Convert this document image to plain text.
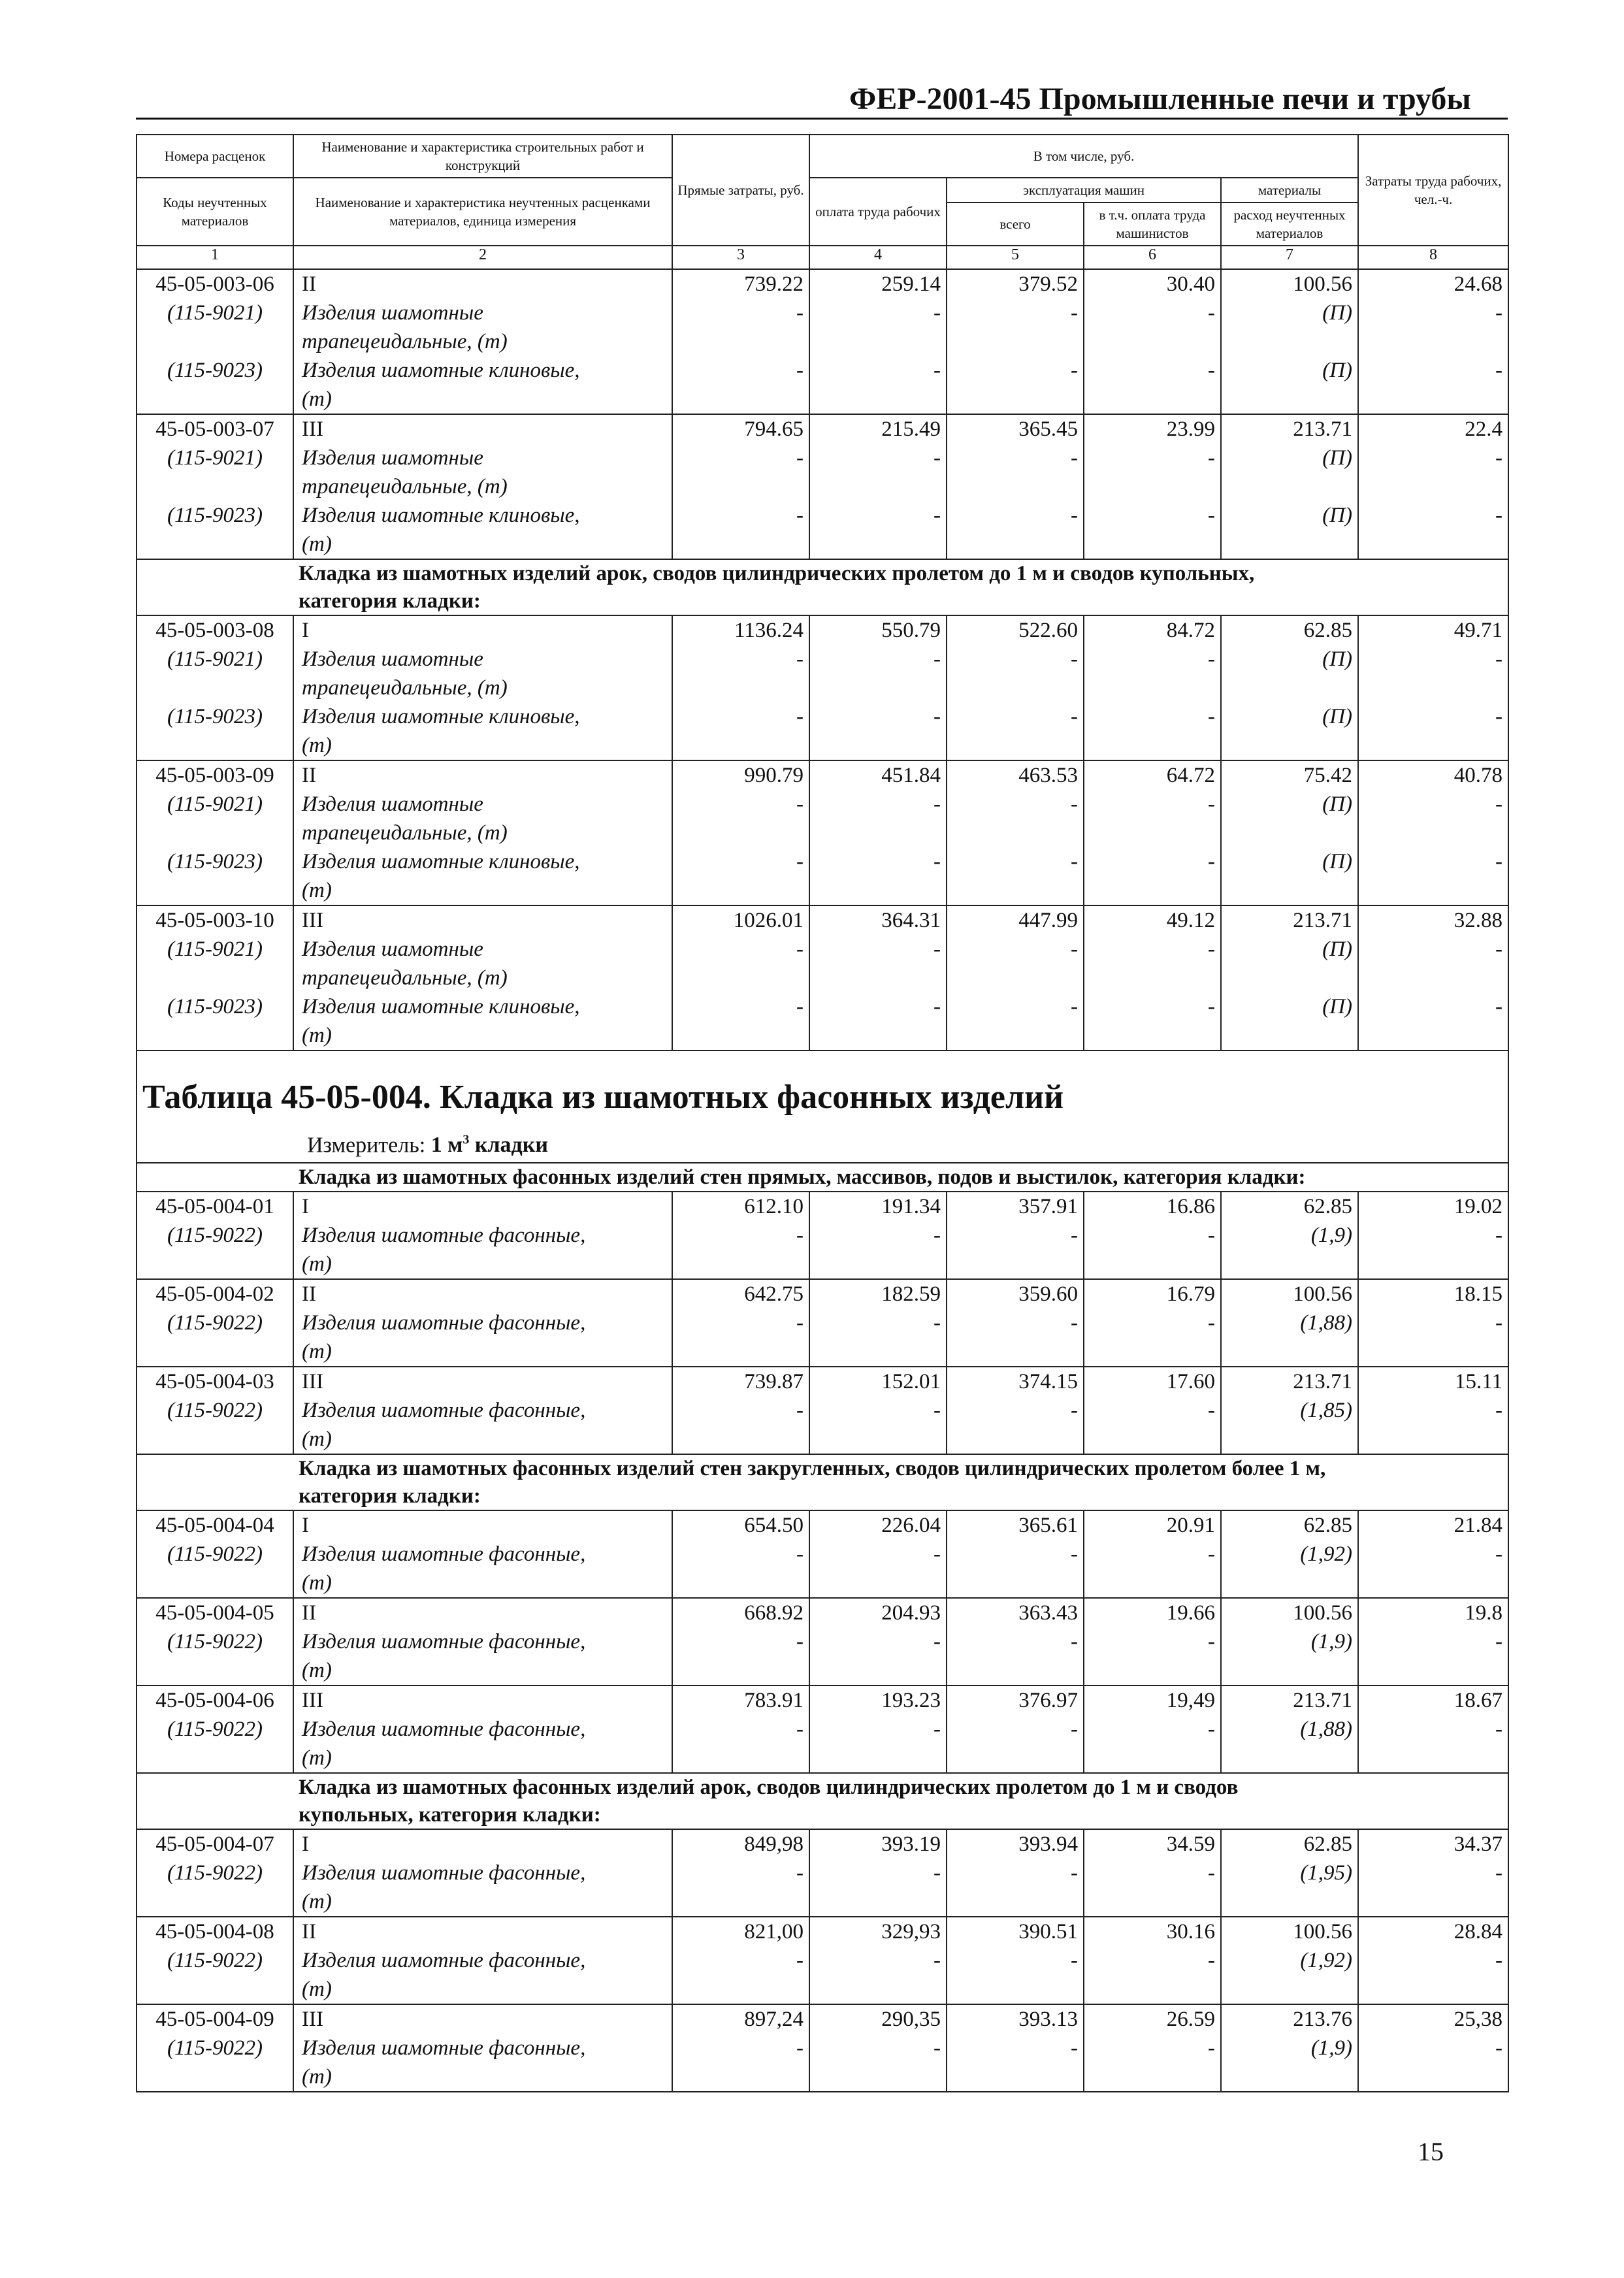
ФЕР-2001-45 Промышленные печи и трубы
Номера расценок	Наименование и характеристика строительных работ и конструкций	Прямые затраты, руб.	В том числе, руб.				Затраты труда рабочих, чел.-ч.
Коды неучтенных материалов	Наименование и характеристика неучтенных расценками материалов, единица измерения		оплата труда рабочих	эксплуатация машин		материалы	
				всего	в т.ч. оплата труда машинистов	расход неучтенных материалов	
1	2	3	4	5	6	7	8
45-05-003-06	II	739.22	259.14	379.52	30.40	100.56	24.68
(115-9021)	Изделия шамотные	-	-	-	-	(П)	-
	трапецеидальные, (т)						
(115-9023)	Изделия шамотные клиновые,	-	-	-	-	(П)	-
	(т)						
45-05-003-07	III	794.65	215.49	365.45	23.99	213.71	22.4
(115-9021)	Изделия шамотные	-	-	-	-	(П)	-
	трапецеидальные, (т)						
(115-9023)	Изделия шамотные клиновые,	-	-	-	-	(П)	-
	(т)						

	Кладка из шамотных изделий арок, сводов цилиндрических пролетом до 1 м и сводов купольных,
категория кладки:						

45-05-003-08	I	1136.24	550.79	522.60	84.72	62.85	49.71
(115-9021)	Изделия шамотные	-	-	-	-	(П)	-
	трапецеидальные, (т)						
(115-9023)	Изделия шамотные клиновые,	-	-	-	-	(П)	-
	(т)						
45-05-003-09	II	990.79	451.84	463.53	64.72	75.42	40.78
(115-9021)	Изделия шамотные	-	-	-	-	(П)	-
	трапецеидальные, (т)						
(115-9023)	Изделия шамотные клиновые,	-	-	-	-	(П)	-
	(т)						
45-05-003-10	III	1026.01	364.31	447.99	49.12	213.71	32.88
(115-9021)	Изделия шамотные	-	-	-	-	(П)	-
	трапецеидальные, (т)						
(115-9023)	Изделия шамотные клиновые,	-	-	-	-	(П)	-
	(т)						

Таблица 45-05-004. Кладка из шамотных фасонных изделий
Измеритель: 1 $м^3$ кладки							

	Кладка из шамотных фасонных изделий стен прямых, массивов, подов и выстилок, категория кладки:						

45-05-004-01	I	612.10	191.34	357.91	16.86	62.85	19.02
(115-9022)	Изделия шамотные фасонные,	-	-	-	-	(1,9)	-
	(т)						
45-05-004-02	II	642.75	182.59	359.60	16.79	100.56	18.15
(115-9022)	Изделия шамотные фасонные,	-	-	-	-	(1,88)	-
	(т)						
45-05-004-03	III	739.87	152.01	374.15	17.60	213.71	15.11
(115-9022)	Изделия шамотные фасонные,	-	-	-	-	(1,85)	-
	(т)						

	Кладка из шамотных фасонных изделий стен закругленных, сводов цилиндрических пролетом более 1 м,
категория кладки:						

45-05-004-04	I	654.50	226.04	365.61	20.91	62.85	21.84
(115-9022)	Изделия шамотные фасонные,	-	-	-	-	(1,92)	-
	(т)						
45-05-004-05	II	668.92	204.93	363.43	19.66	100.56	19.8
(115-9022)	Изделия шамотные фасонные,	-	-	-	-	(1,9)	-
	(т)						
45-05-004-06	III	783.91	193.23	376.97	19,49	213.71	18.67
(115-9022)	Изделия шамотные фасонные,	-	-	-	-	(1,88)	-
	(т)						

	Кладка из шамотных фасонных изделий арок, сводов цилиндрических пролетом до 1 м и сводов
купольных, категория кладки:						

45-05-004-07	I	849,98	393.19	393.94	34.59	62.85	34.37
(115-9022)	Изделия шамотные фасонные,	-	-	-	-	(1,95)	-
	(т)						
45-05-004-08	II	821,00	329,93	390.51	30.16	100.56	28.84
(115-9022)	Изделия шамотные фасонные,	-	-	-	-	(1,92)	-
	(т)						
45-05-004-09	III	897,24	290,35	393.13	26.59	213.76	25,38
(115-9022)	Изделия шамотные фасонные,	-	-	-	-	(1,9)	-
	(т)						
15
